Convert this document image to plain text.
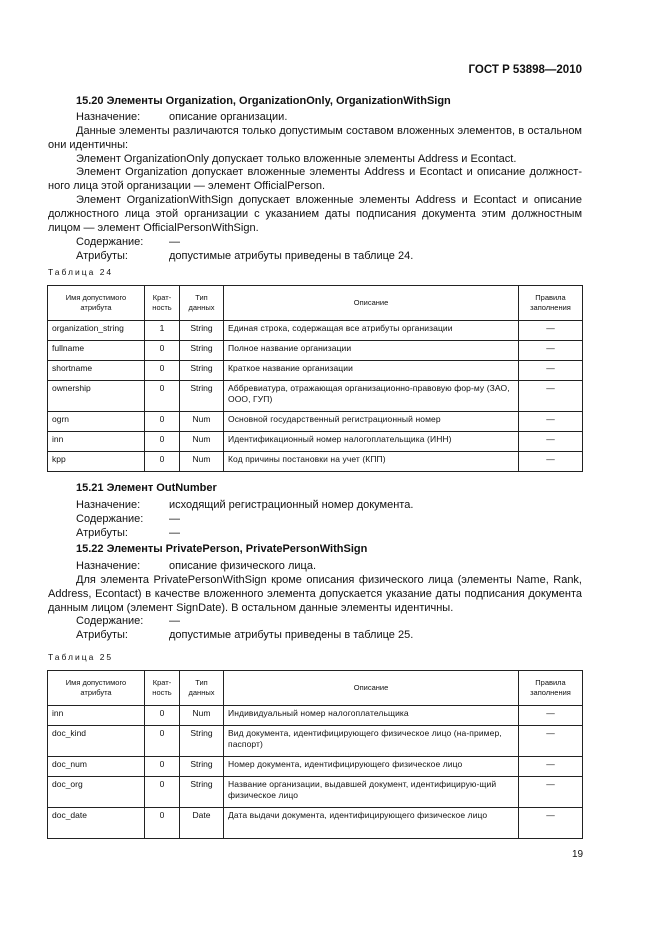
ГОСТ Р 53898—2010
15.20 Элементы Organization, OrganizationOnly, OrganizationWithSign
Назначение:	описание организации.
Данные элементы различаются только допустимым составом вложенных элементов, в остальном
они идентичны:
Элемент OrganizationOnly допускает только вложенные элементы Address и Econtact.
Элемент Organization допускает вложенные элементы Address и Econtact и описание должност-
ного лица этой организации — элемент OfficialPerson.
Элемент OrganizationWithSign допускает вложенные элементы Address и Econtact и описание
должностного лица этой организации с указанием даты подписания документа этим должностным
лицом — элемент OfficialPersonWithSign.
Содержание: —
Атрибуты:	допустимые атрибуты приведены в таблице 24.
Таблица 24
Имя допустимого атрибута	Крат-ность	Тип данных	Описание	Правила заполнения
organization_string	1	String	Единая строка, содержащая все атрибуты организации	—
fullname	0	String	Полное название организации	—
shortname	0	String	Краткое название организации	—
ownership	0	String	Аббревиатура, отражающая организационно-правовую фор-му (ЗАО, ООО, ГУП)	—
ogrn	0	Num	Основной государственный регистрационный номер	—
inn	0	Num	Идентификационный номер налогоплательщика (ИНН)	—
kpp	0	Num	Код причины постановки на учет (КПП)	—
15.21 Элемент OutNumber
Назначение:	исходящий регистрационный номер документа.
Содержание: —
Атрибуты:	—
15.22 Элементы PrivatePerson, PrivatePersonWithSign
Назначение:	описание физического лица.
Для элемента PrivatePersonWithSign кроме описания физического лица (элементы Name, Rank,
Address, Econtact) в качестве вложенного элемента допускается указание даты подписания документа
данным лицом (элемент SignDate). В остальном данные элементы идентичны.
Содержание: —
Атрибуты:	допустимые атрибуты приведены в таблице 25.
Таблица 25
Имя допустимого атрибута	Крат-ность	Тип данных	Описание	Правила заполнения
inn	0	Num	Индивидуальный номер налогоплательщика	—
doc_kind	0	String	Вид документа, идентифицирующего физическое лицо (на-пример, паспорт)	—
doc_num	0	String	Номер документа, идентифицирующего физическое лицо	—
doc_org	0	String	Название организации, выдавшей документ, идентифицирую-щий физическое лицо	—
doc_date	0	Date	Дата выдачи документа, идентифицирующего физическое лицо	—
19
